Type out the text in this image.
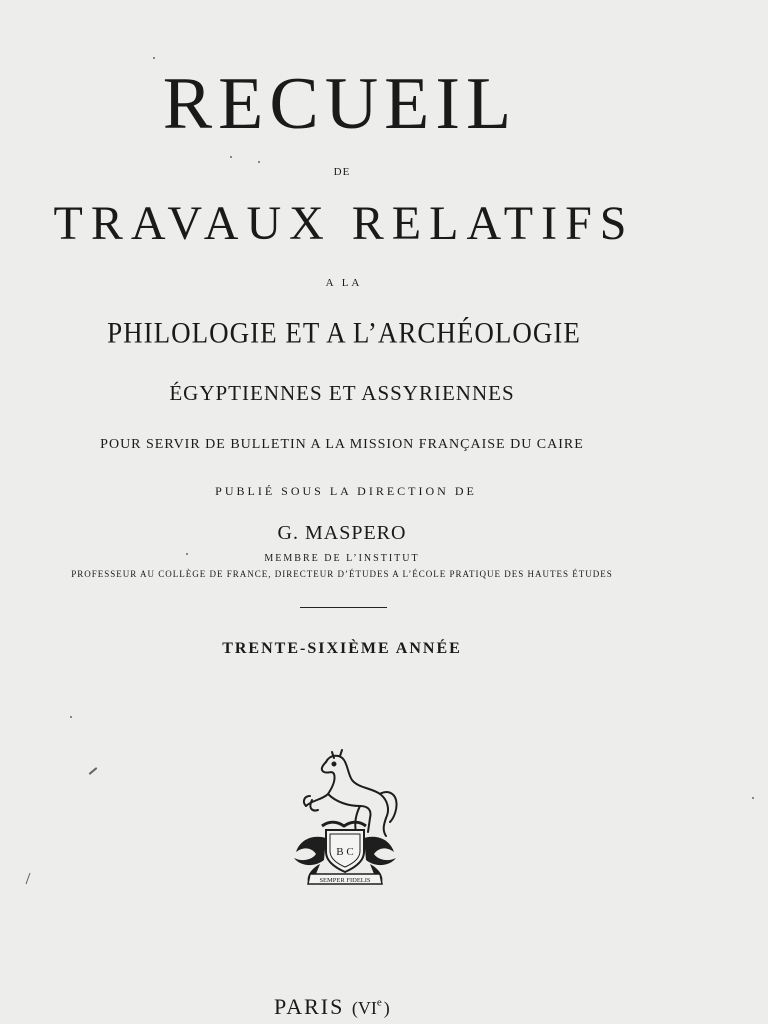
RECUEIL
DE
TRAVAUX RELATIFS
A LA
PHILOLOGIE ET A L’ARCHÉOLOGIE
ÉGYPTIENNES ET ASSYRIENNES
POUR SERVIR DE BULLETIN A LA MISSION FRANÇAISE DU CAIRE
PUBLIÉ SOUS LA DIRECTION DE
G. MASPERO
MEMBRE DE L’INSTITUT
PROFESSEUR AU COLLÈGE DE FRANCE, DIRECTEUR D’ÉTUDES A L’ÉCOLE PRATIQUE DES HAUTES ÉTUDES
TRENTE-SIXIÈME ANNÉE
B C
SEMPER FIDELIS
PARIS (VIe)
